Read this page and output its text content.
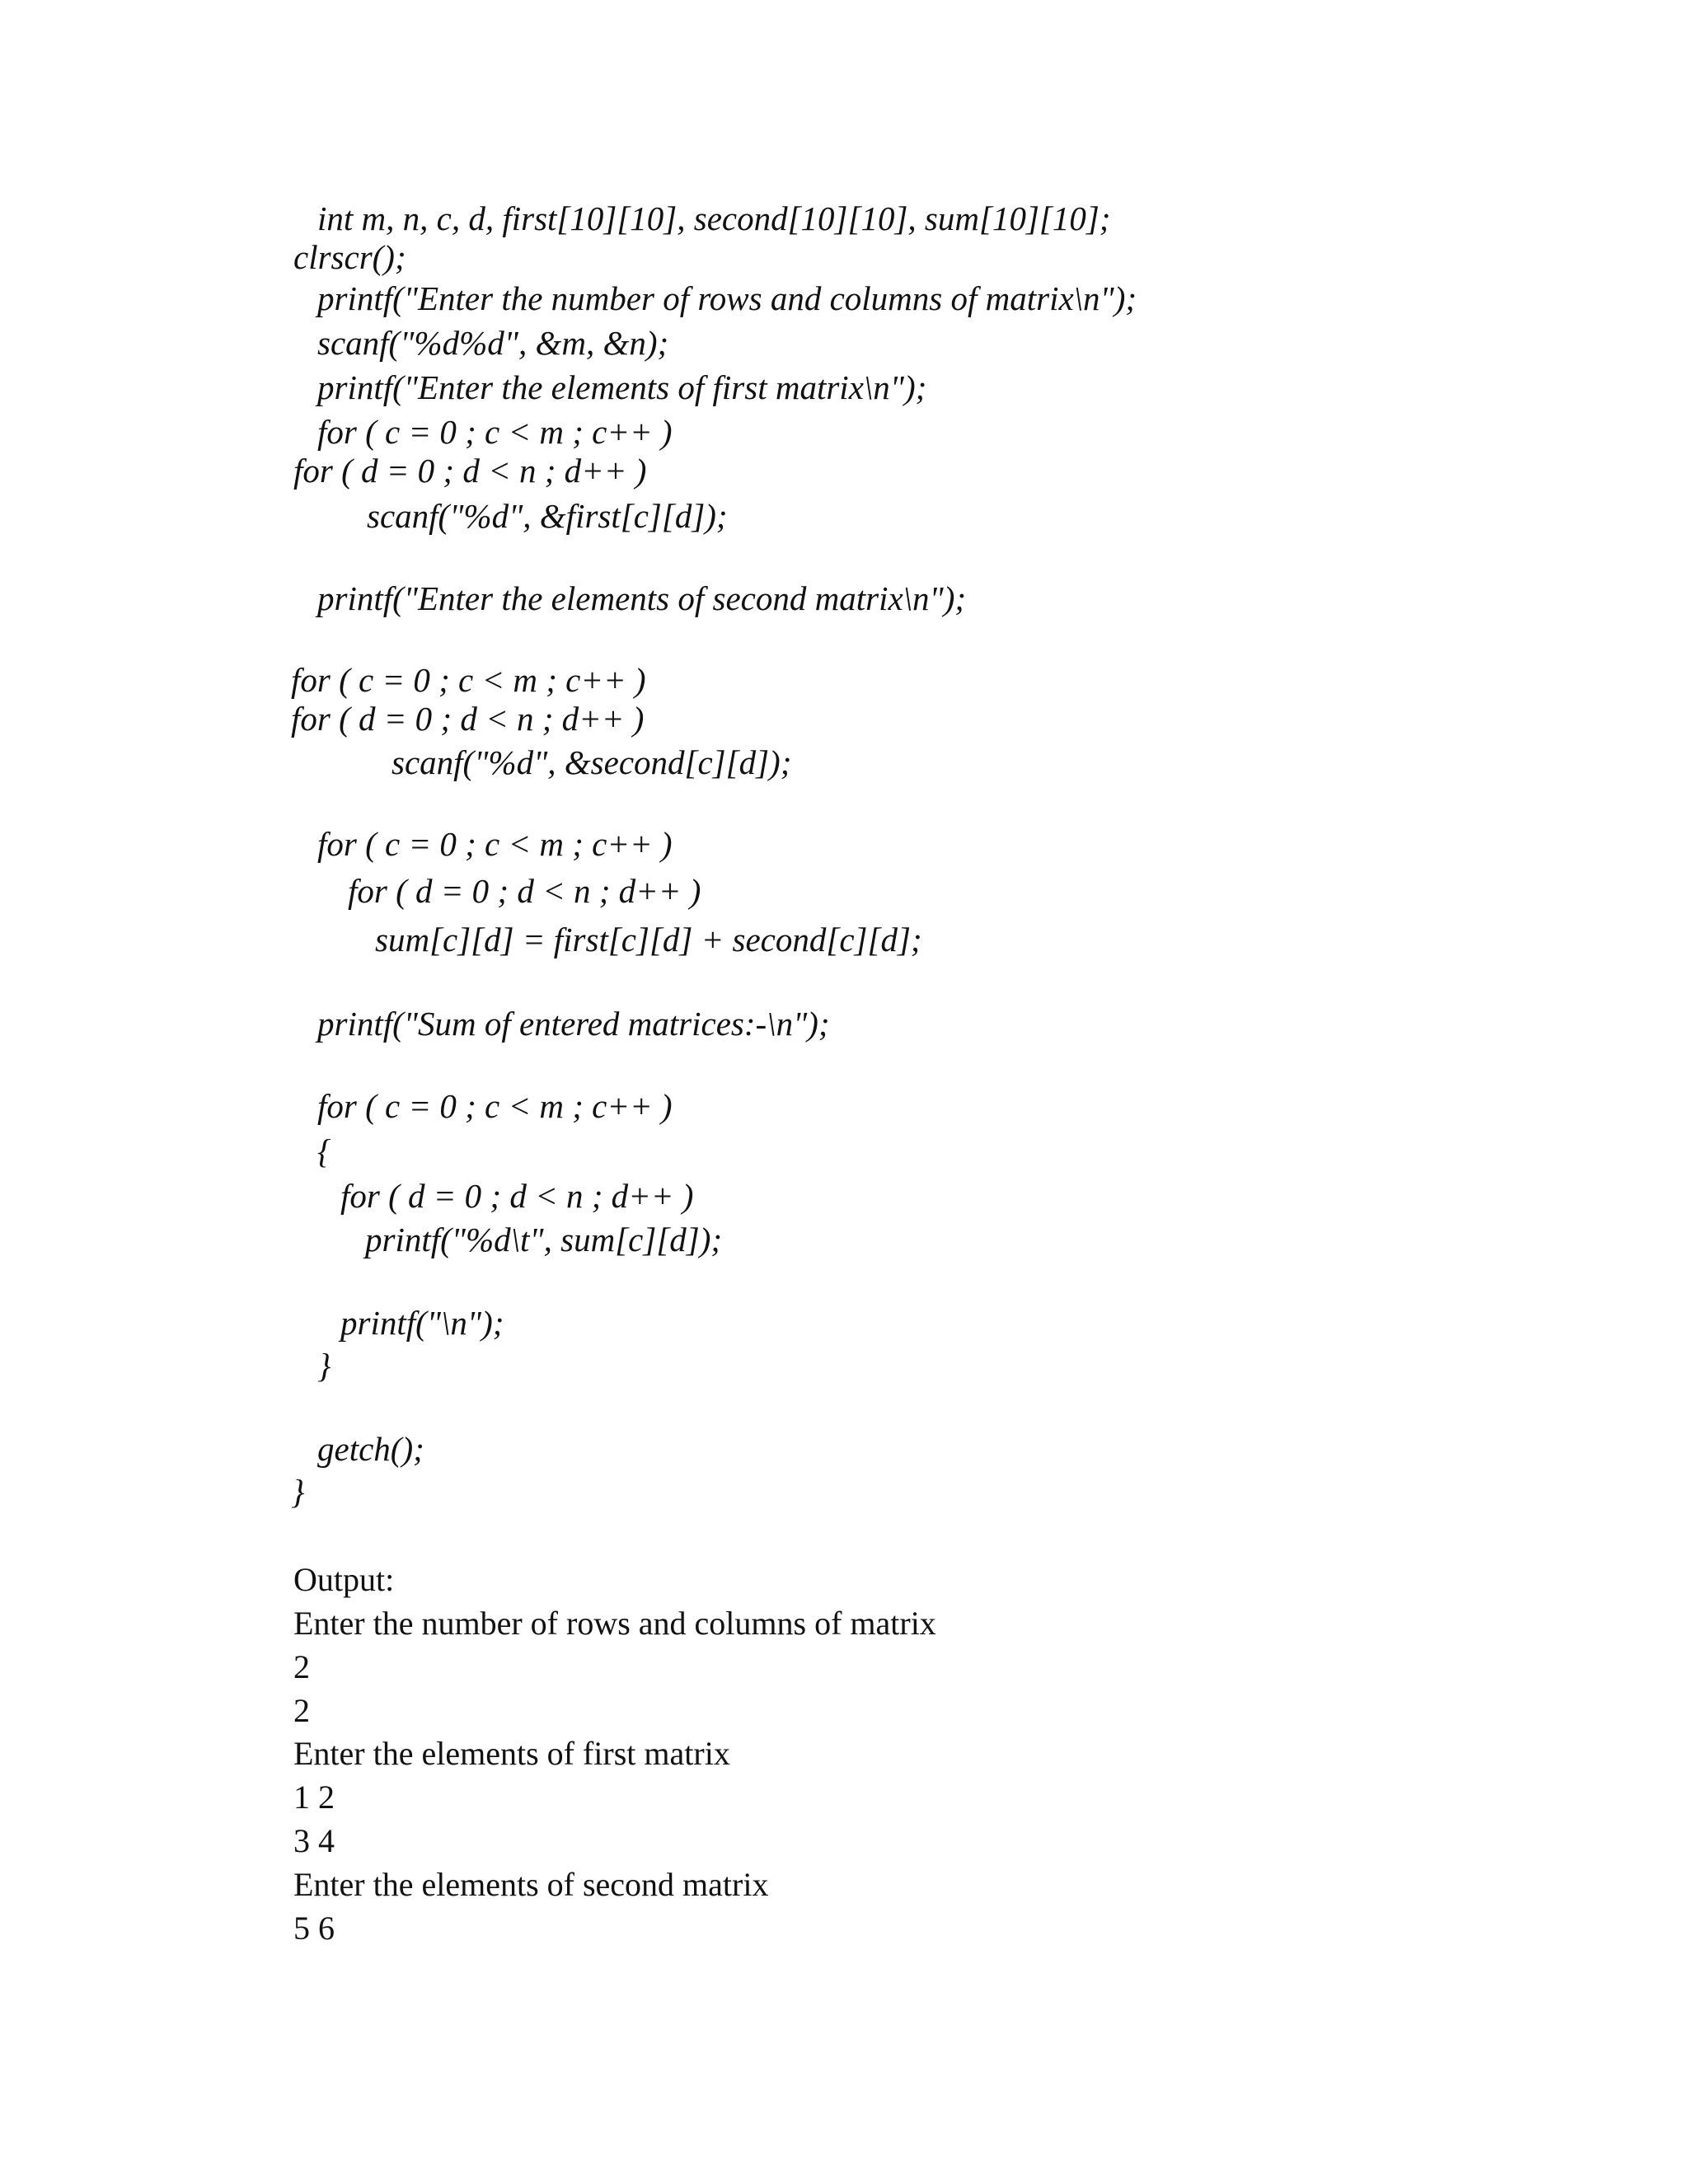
int m, n, c, d, first[10][10], second[10][10], sum[10][10];
clrscr();
printf("Enter the number of rows and columns of matrix\n");
scanf("%d%d", &m, &n);
printf("Enter the elements of first matrix\n");
for ( c = 0 ; c < m ; c++ )
for ( d = 0 ; d < n ; d++ )
scanf("%d", &first[c][d]);
printf("Enter the elements of second matrix\n");
for ( c = 0 ; c < m ; c++ )
for ( d = 0 ; d < n ; d++ )
scanf("%d", &second[c][d]);
for ( c = 0 ; c < m ; c++ )
for ( d = 0 ; d < n ; d++ )
sum[c][d] = first[c][d] + second[c][d];
printf("Sum of entered matrices:-\n");
for ( c = 0 ; c < m ; c++ )
{
for ( d = 0 ; d < n ; d++ )
printf("%d\t", sum[c][d]);
printf("\n");
}
getch();
}
Output:
Enter the number of rows and columns of matrix
2
2
Enter the elements of first matrix
1 2
3 4
Enter the elements of second matrix
5 6
